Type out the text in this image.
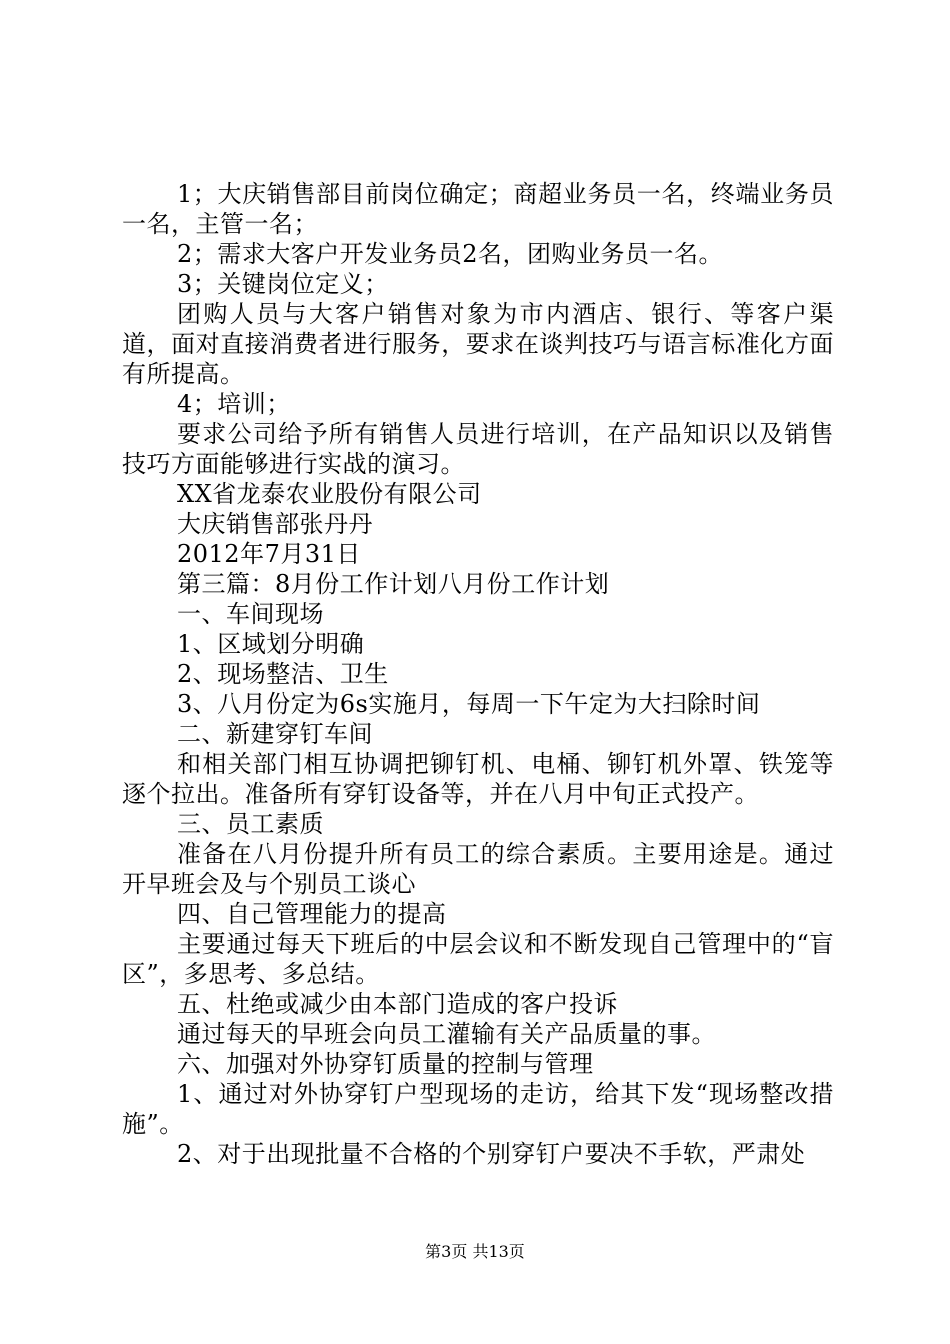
1；大庆销售部目前岗位确定；商超业务员一名，终端业务员一名，主管一名；

2；需求大客户开发业务员2名，团购业务员一名。

3；关键岗位定义；

团购人员与大客户销售对象为市内酒店、银行、等客户渠道，面对直接消费者进行服务，要求在谈判技巧与语言标准化方面有所提高。

4；培训；

要求公司给予所有销售人员进行培训，在产品知识以及销售技巧方面能够进行实战的演习。

XX省龙泰农业股份有限公司

大庆销售部张丹丹

2012年7月31日

第三篇：8月份工作计划八月份工作计划

一、车间现场

1、区域划分明确

2、现场整洁、卫生

3、八月份定为6s实施月，每周一下午定为大扫除时间

二、新建穿钉车间

和相关部门相互协调把铆钉机、电桶、铆钉机外罩、铁笼等逐个拉出。准备所有穿钉设备等，并在八月中旬正式投产。

三、员工素质

准备在八月份提升所有员工的综合素质。主要用途是。通过开早班会及与个别员工谈心

四、自己管理能力的提高

主要通过每天下班后的中层会议和不断发现自己管理中的“盲区”，多思考、多总结。

五、杜绝或减少由本部门造成的客户投诉

通过每天的早班会向员工灌输有关产品质量的事。

六、加强对外协穿钉质量的控制与管理

1、通过对外协穿钉户型现场的走访，给其下发“现场整改措施”。

2、对于出现批量不合格的个别穿钉户要决不手软，严肃处

第3页 共13页
